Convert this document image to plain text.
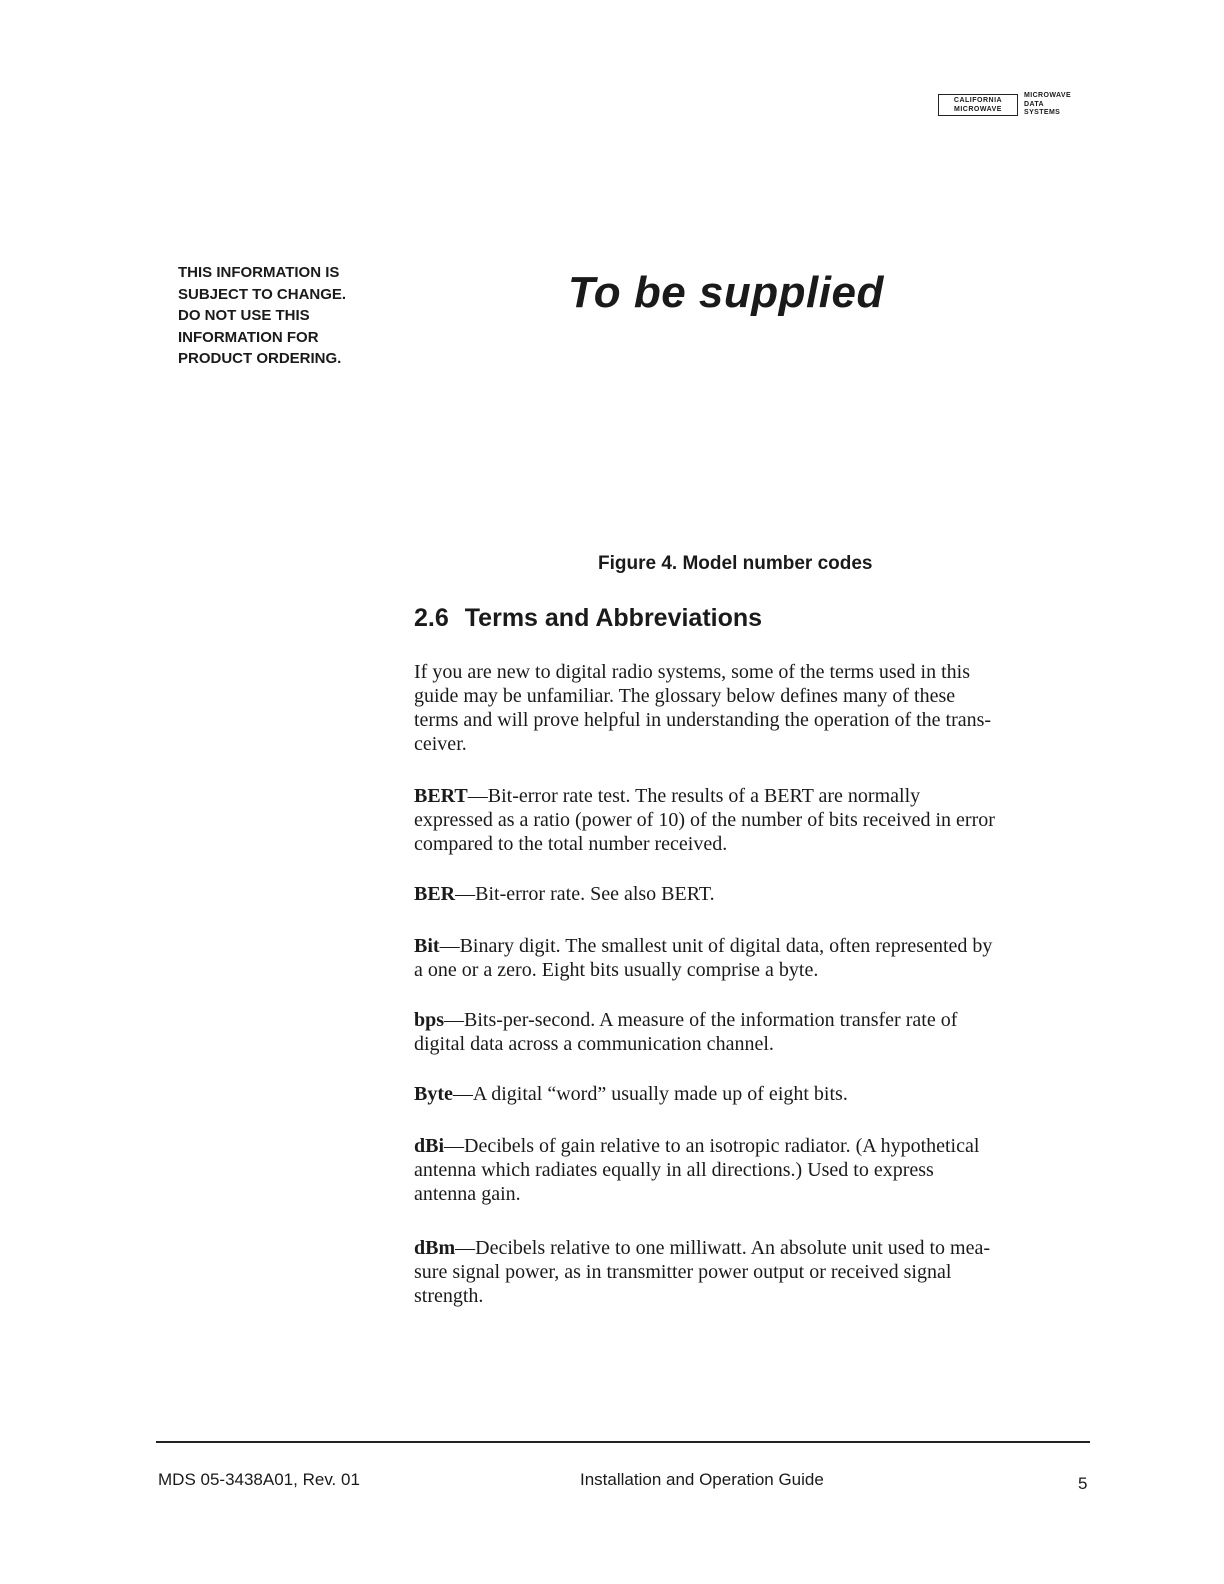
CALIFORNIA
MICROWAVE
MICROWAVE
DATA
SYSTEMS
THIS INFORMATION IS
SUBJECT TO CHANGE.
DO NOT USE THIS
INFORMATION FOR
PRODUCT ORDERING.
To be supplied
Figure 4. Model number codes
2.6 Terms and Abbreviations
If you are new to digital radio systems, some of the terms used in this
guide may be unfamiliar. The glossary below defines many of these
terms and will prove helpful in understanding the operation of the trans-
ceiver.
BERT—Bit-error rate test. The results of a BERT are normally
expressed as a ratio (power of 10) of the number of bits received in error
compared to the total number received.
BER—Bit-error rate. See also BERT.
Bit—Binary digit. The smallest unit of digital data, often represented by
a one or a zero. Eight bits usually comprise a byte.
bps—Bits-per-second. A measure of the information transfer rate of
digital data across a communication channel.
Byte—A digital “word” usually made up of eight bits.
dBi—Decibels of gain relative to an isotropic radiator. (A hypothetical
antenna which radiates equally in all directions.) Used to express
antenna gain.
dBm—Decibels relative to one milliwatt. An absolute unit used to mea-
sure signal power, as in transmitter power output or received signal
strength.
MDS 05-3438A01, Rev. 01	Installation and Operation Guide	5
